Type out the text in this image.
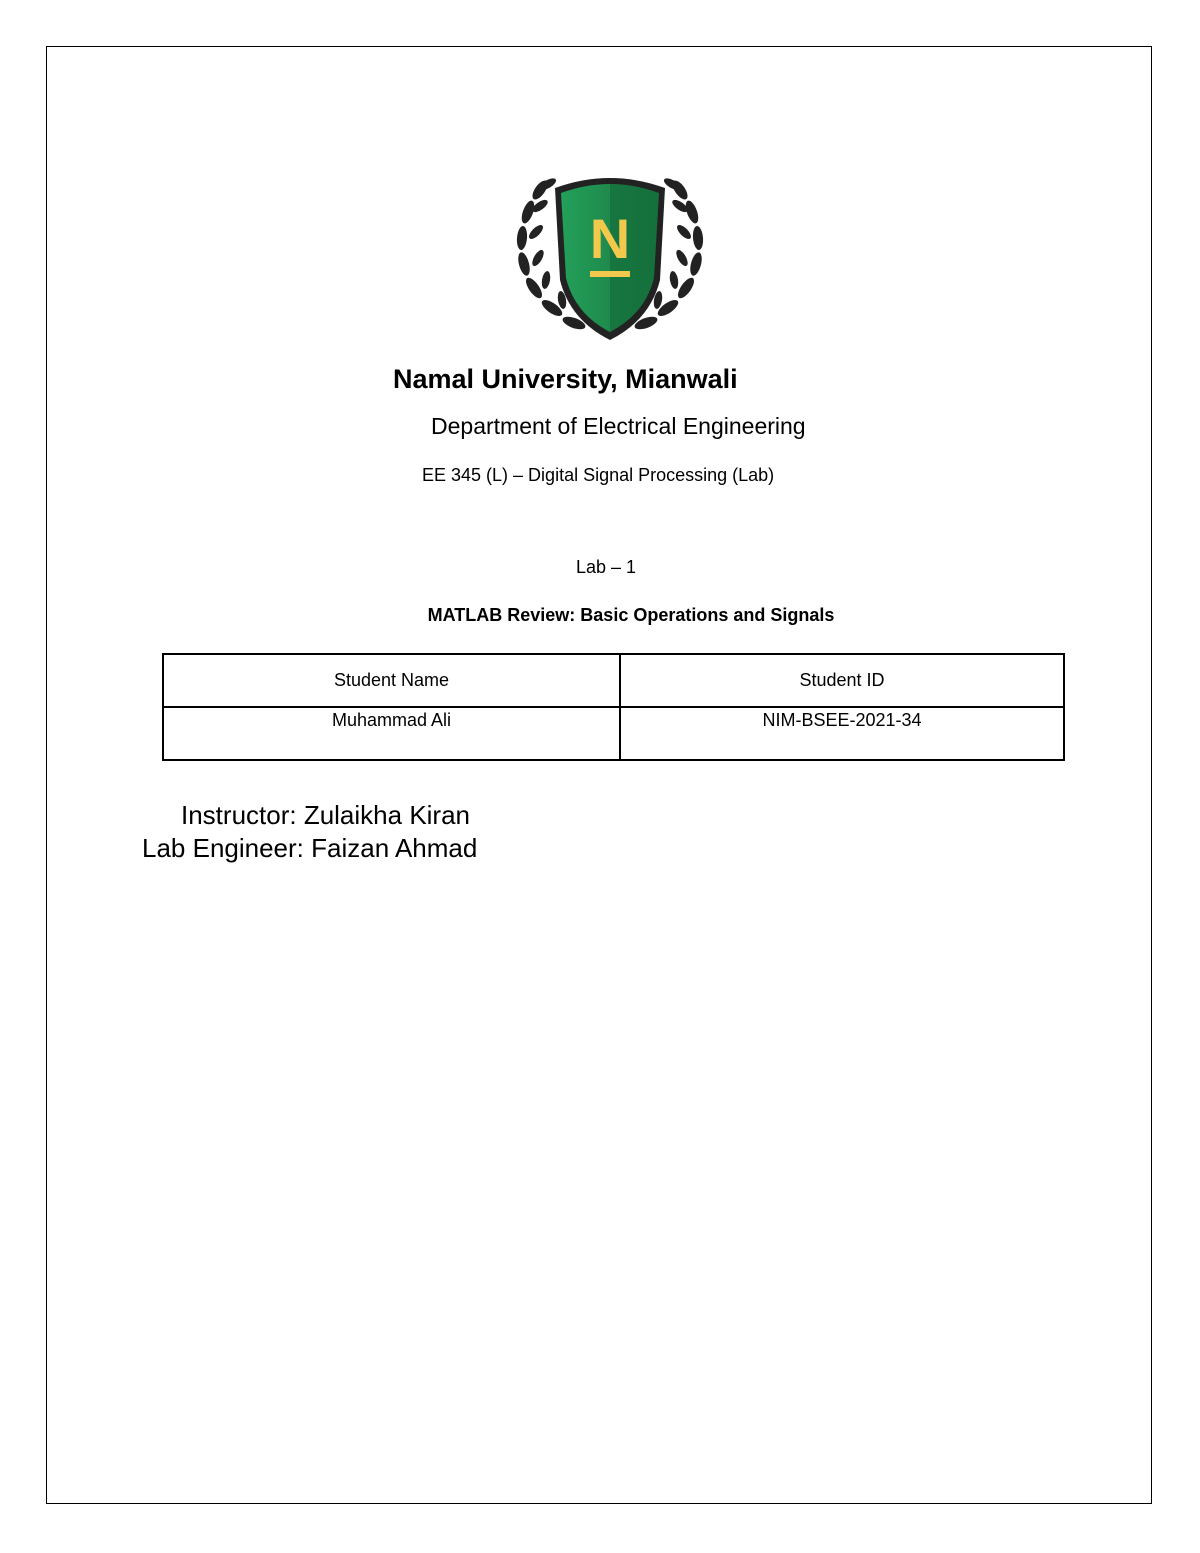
N
Namal University, Mianwali
Department of Electrical Engineering
EE 345 (L) – Digital Signal Processing (Lab)
Lab – 1
MATLAB Review: Basic Operations and Signals
Student Name	Student ID
Muhammad Ali	NIM-BSEE-2021-34
Instructor: Zulaikha Kiran
Lab Engineer: Faizan Ahmad
